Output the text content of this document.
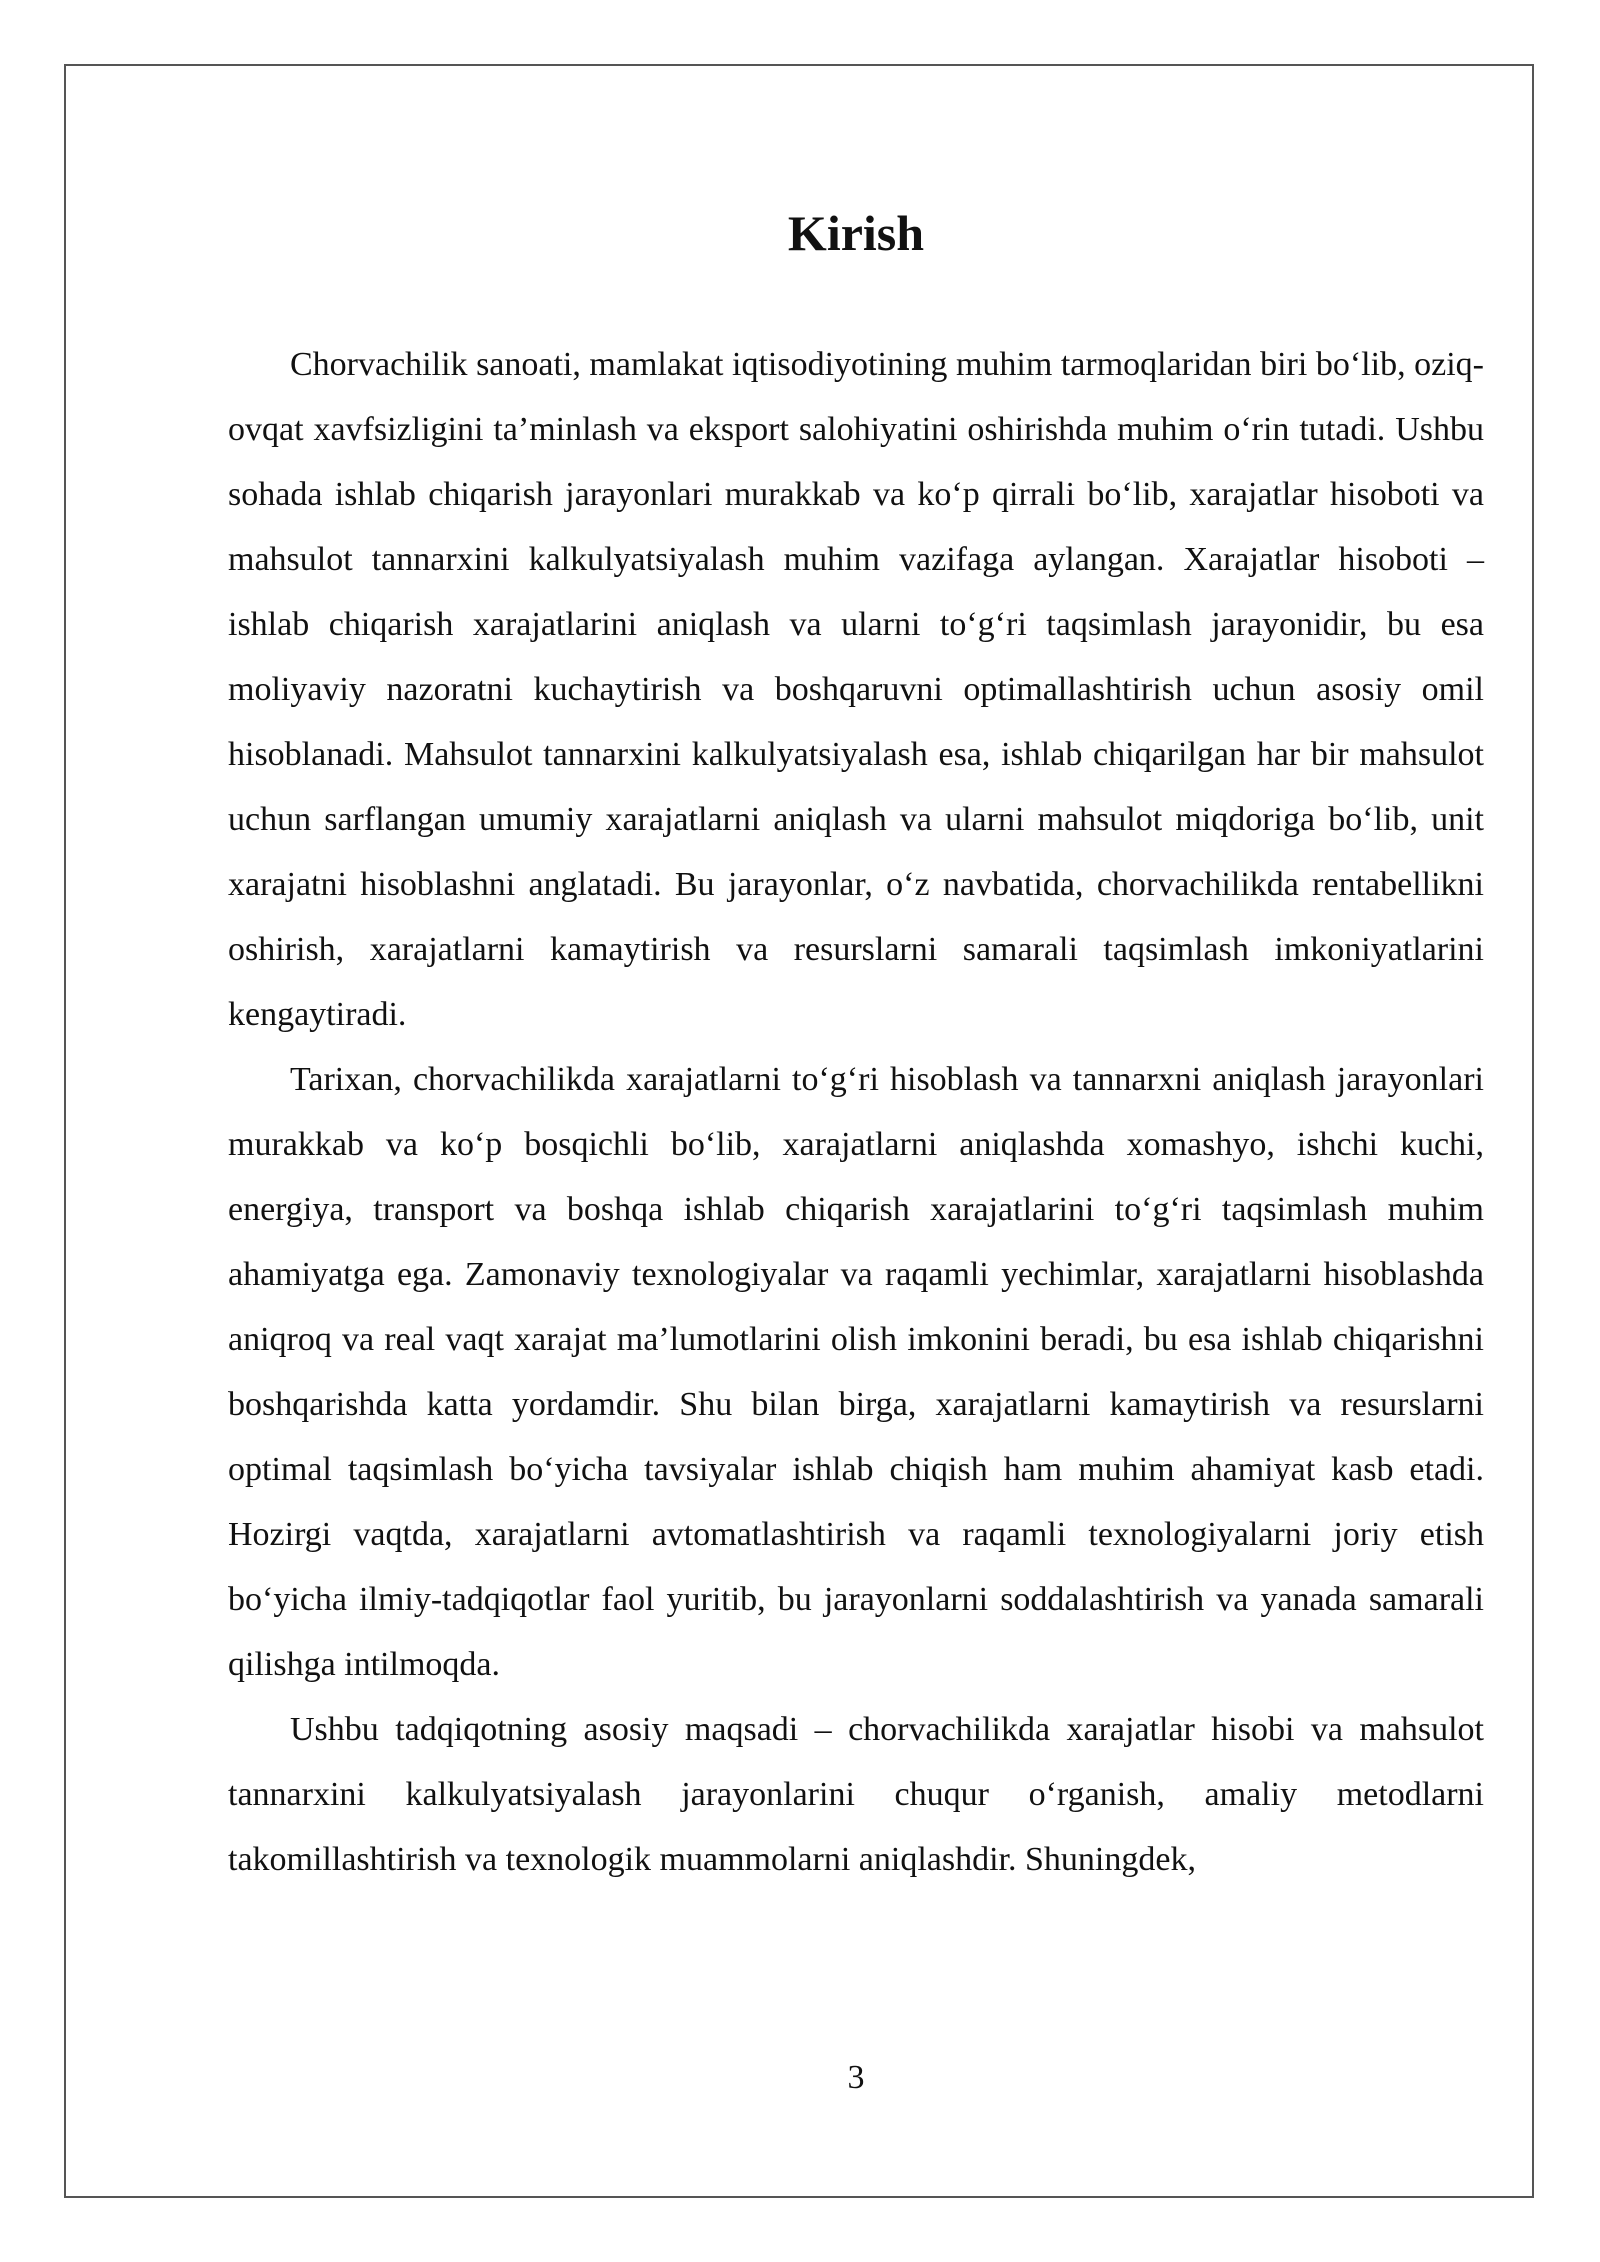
Kirish

Chorvachilik sanoati, mamlakat iqtisodiyotining muhim tarmoqlaridan biri bo‘lib, oziq-ovqat xavfsizligini ta’minlash va eksport salohiyatini oshirishda muhim o‘rin tutadi. Ushbu sohada ishlab chiqarish jarayonlari murakkab va ko‘p qirrali bo‘lib, xarajatlar hisoboti va mahsulot tannarxini kalkulyatsiyalash muhim vazifaga aylangan. Xarajatlar hisoboti – ishlab chiqarish xarajatlarini aniqlash va ularni to‘g‘ri taqsimlash jarayonidir, bu esa moliyaviy nazoratni kuchaytirish va boshqaruvni optimallashtirish uchun asosiy omil hisoblanadi. Mahsulot tannarxini kalkulyatsiyalash esa, ishlab chiqarilgan har bir mahsulot uchun sarflangan umumiy xarajatlarni aniqlash va ularni mahsulot miqdoriga bo‘lib, unit xarajatni hisoblashni anglatadi. Bu jarayonlar, o‘z navbatida, chorvachilikda rentabellikni oshirish, xarajatlarni kamaytirish va resurslarni samarali taqsimlash imkoniyatlarini kengaytiradi.

Tarixan, chorvachilikda xarajatlarni to‘g‘ri hisoblash va tannarxni aniqlash jarayonlari murakkab va ko‘p bosqichli bo‘lib, xarajatlarni aniqlashda xomashyo, ishchi kuchi, energiya, transport va boshqa ishlab chiqarish xarajatlarini to‘g‘ri taqsimlash muhim ahamiyatga ega. Zamonaviy texnologiyalar va raqamli yechimlar, xarajatlarni hisoblashda aniqroq va real vaqt xarajat ma’lumotlarini olish imkonini beradi, bu esa ishlab chiqarishni boshqarishda katta yordamdir. Shu bilan birga, xarajatlarni kamaytirish va resurslarni optimal taqsimlash bo‘yicha tavsiyalar ishlab chiqish ham muhim ahamiyat kasb etadi. Hozirgi vaqtda, xarajatlarni avtomatlashtirish va raqamli texnologiyalarni joriy etish bo‘yicha ilmiy-tadqiqotlar faol yuritib, bu jarayonlarni soddalashtirish va yanada samarali qilishga intilmoqda.

Ushbu tadqiqotning asosiy maqsadi – chorvachilikda xarajatlar hisobi va mahsulot tannarxini kalkulyatsiyalash jarayonlarini chuqur o‘rganish, amaliy metodlarni takomillashtirish va texnologik muammolarni aniqlashdir. Shuningdek,

3
